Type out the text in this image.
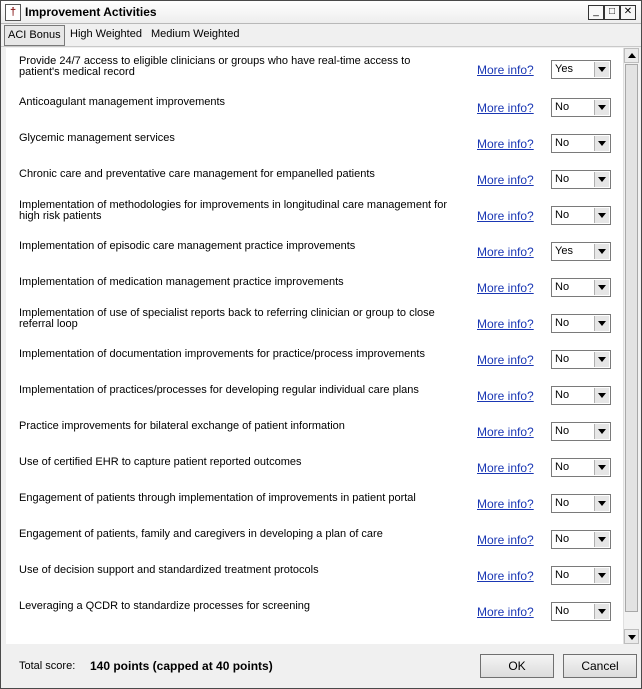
† Improvement Activities	_	□ ✕
ACI Bonus High Weighted Medium Weighted
Provide 24/7 access to eligible clinicians or groups who have real-time access to
patient's medical record	More info? Yes
Anticoagulant management improvements	More info? No
Glycemic management services	More info? No
Chronic care and preventative care management for empanelled patients	More info? No
Implementation of methodologies for improvements in longitudinal care management for
high risk patients	More info? No
Implementation of episodic care management practice improvements	More info? Yes
Implementation of medication management practice improvements	More info? No
Implementation of use of specialist reports back to referring clinician or group to close
referral loop	More info? No
Implementation of documentation improvements for practice/process improvements	More info? No
Implementation of practices/processes for developing regular individual care plans	More info? No
Practice improvements for bilateral exchange of patient information	More info? No
Use of certified EHR to capture patient reported outcomes	More info? No
Engagement of patients through implementation of improvements in patient portal	More info? No
Engagement of patients, family and caregivers in developing a plan of care	More info? No
Use of decision support and standardized treatment protocols	More info? No
Leveraging a QCDR to standardize processes for screening	More info? No
Total score: 140 points (capped at 40 points)	OK	Cancel
